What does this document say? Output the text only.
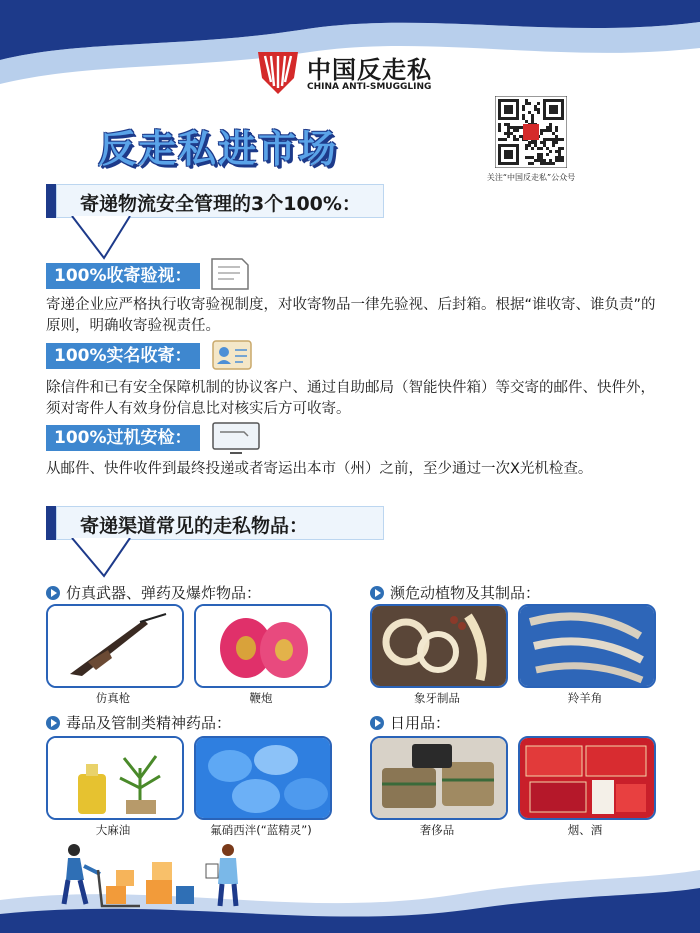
中国反走私
CHINA ANTI-SMUGGLING
关注“中国反走私”公众号
反走私进市场
寄递物流安全管理的3个100%：
100%收寄验视：
寄递企业应严格执行收寄验视制度，对收寄物品一律先验视、后封箱。根据“谁收寄、谁负责”的原则，明确收寄验视责任。
100%实名收寄：
除信件和已有安全保障机制的协议客户、通过自助邮局（智能快件箱）等交寄的邮件、快件外，须对寄件人有效身份信息比对核实后方可收寄。
100%过机安检：
从邮件、快件收件到最终投递或者寄运出本市（州）之前，至少通过一次X光机检查。
寄递渠道常见的走私物品：
仿真武器、弹药及爆炸物品：	濒危动植物及其制品：
毒品及管制类精神药品：	日用品：
仿真枪	鞭炮	象牙制品	羚羊角
大麻油	氟硝西泮(“蓝精灵”)	奢侈品	烟、酒
